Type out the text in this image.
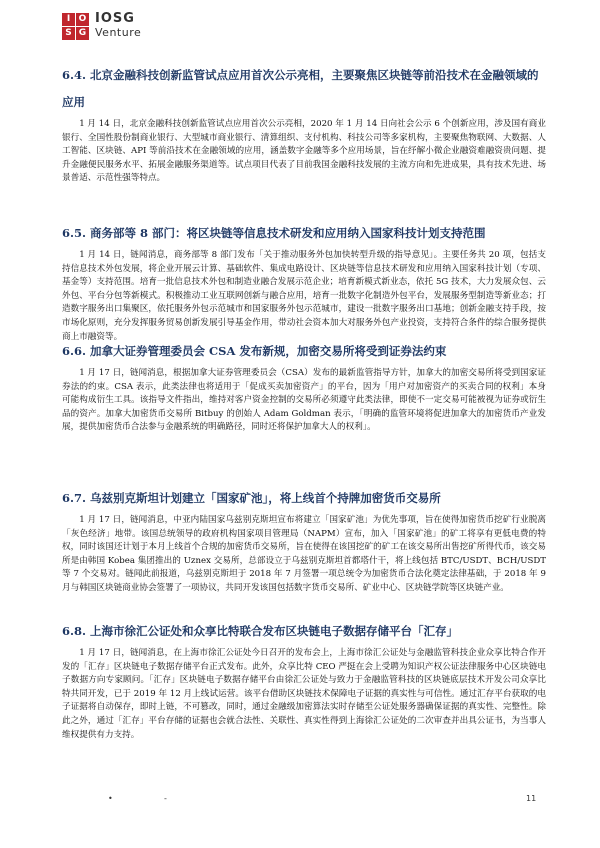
I O
S G
IOSG
Venture
6.4. 北京金融科技创新监管试点应用首次公示亮相，主要聚焦区块链等前沿技术在金融领域的应用

1 月 14 日，北京金融科技创新监管试点应用首次公示亮相，2020 年 1 月 14 日向社会公示 6 个创新应用，涉及国有商业银行、全国性股份制商业银行、大型城市商业银行、清算组织、支付机构、科技公司等多家机构，主要聚焦物联网、大数据、人工智能、区块链、API 等前沿技术在金融领域的应用，涵盖数字金融等多个应用场景，旨在纾解小微企业融资难融资贵问题、提升金融便民服务水平、拓展金融服务渠道等。试点项目代表了目前我国金融科技发展的主流方向和先进成果，具有技术先进、场景普适、示范性强等特点。

6.5. 商务部等 8 部门：将区块链等信息技术研发和应用纳入国家科技计划支持范围

1 月 14 日，链闻消息，商务部等 8 部门发布「关于推动服务外包加快转型升级的指导意见」。主要任务共 20 项，包括支持信息技术外包发展，将企业开展云计算、基础软件、集成电路设计、区块链等信息技术研发和应用纳入国家科技计划（专项、基金等）支持范围。培育一批信息技术外包和制造业融合发展示范企业；培育新模式新业态，依托 5G 技术，大力发展众包、云外包、平台分包等新模式。积极推动工业互联网创新与融合应用，培育一批数字化制造外包平台，发展服务型制造等新业态；打造数字服务出口集聚区，依托服务外包示范城市和国家服务外包示范城市，建设一批数字服务出口基地；创新金融支持手段，按市场化原则，充分发挥服务贸易创新发展引导基金作用，带动社会资本加大对服务外包产业投资，支持符合条件的综合服务提供商上市融资等。

6.6. 加拿大证券管理委员会 CSA 发布新规，加密交易所将受到证券法约束

1 月 17 日，链闻消息，根据加拿大证券管理委员会（CSA）发布的最新监管指导方针，加拿大的加密交易所将受到国家证券法的约束。CSA 表示，此类法律也将适用于「促成买卖加密资产」的平台，因为「用户对加密资产的买卖合同的权利」本身可能构成衍生工具。该指导文件指出，维持对客户资金控制的交易所必须遵守此类法律，即使不一定交易可能被视为证券或衍生品的资产。加拿大加密货币交易所 Bitbuy 的创始人 Adam Goldman 表示，「明确的监管环境将促进加拿大的加密货币产业发展，提供加密货币合法参与金融系统的明确路径，同时还将保护加拿大人的权利」。

6.7. 乌兹别克斯坦计划建立「国家矿池」，将上线首个持牌加密货币交易所

1 月 17 日，链闻消息，中亚内陆国家乌兹别克斯坦宣布将建立「国家矿池」为优先事项，旨在使得加密货币挖矿行业脱离「灰色经济」地带。该国总统领导的政府机构国家项目管理局（NAPM）宣布，加入「国家矿池」的矿工将享有更低电费的特权，同时该国还计划于本月上线首个合规的加密货币交易所，旨在使得在该国挖矿的矿工在该交易所出售挖矿所得代币，该交易所是由韩国 Kobea 集团推出的 Uznex 交易所，总部设立于乌兹别克斯坦首都塔什干，将上线包括 BTC/USDT、BCH/USDT 等 7 个交易对。链闻此前报道，乌兹别克斯坦于 2018 年 7 月签署一项总统令为加密货币合法化奠定法律基础，于 2018 年 9 月与韩国区块链商业协会签署了一项协议，共同开发该国包括数字货币交易所、矿业中心、区块链学院等区块链产业。

6.8. 上海市徐汇公证处和众享比特联合发布区块链电子数据存储平台「汇存」

1 月 17 日，链闻消息，在上海市徐汇公证处今日召开的发布会上，上海市徐汇公证处与金融监管科技企业众享比特合作开发的「汇存」区块链电子数据存储平台正式发布。此外，众享比特 CEO 严挺在会上受聘为知识产权公证法律服务中心区块链电子数据方向专家顾问。「汇存」区块链电子数据存储平台由徐汇公证处与致力于金融监管科技的区块链底层技术开发公司众享比特共同开发，已于 2019 年 12 月上线试运营。该平台借助区块链技术保障电子证据的真实性与可信性。通过汇存平台获取的电子证据将自动保存，即时上链，不可篡改，同时，通过金融级加密算法实时存储至公证处服务器确保证据的真实性、完整性。除此之外，通过「汇存」平台存储的证据也会就合法性、关联性、真实性得到上海徐汇公证处的二次审查并出具公证书，为当事人维权提供有力支持。

•	-	11
